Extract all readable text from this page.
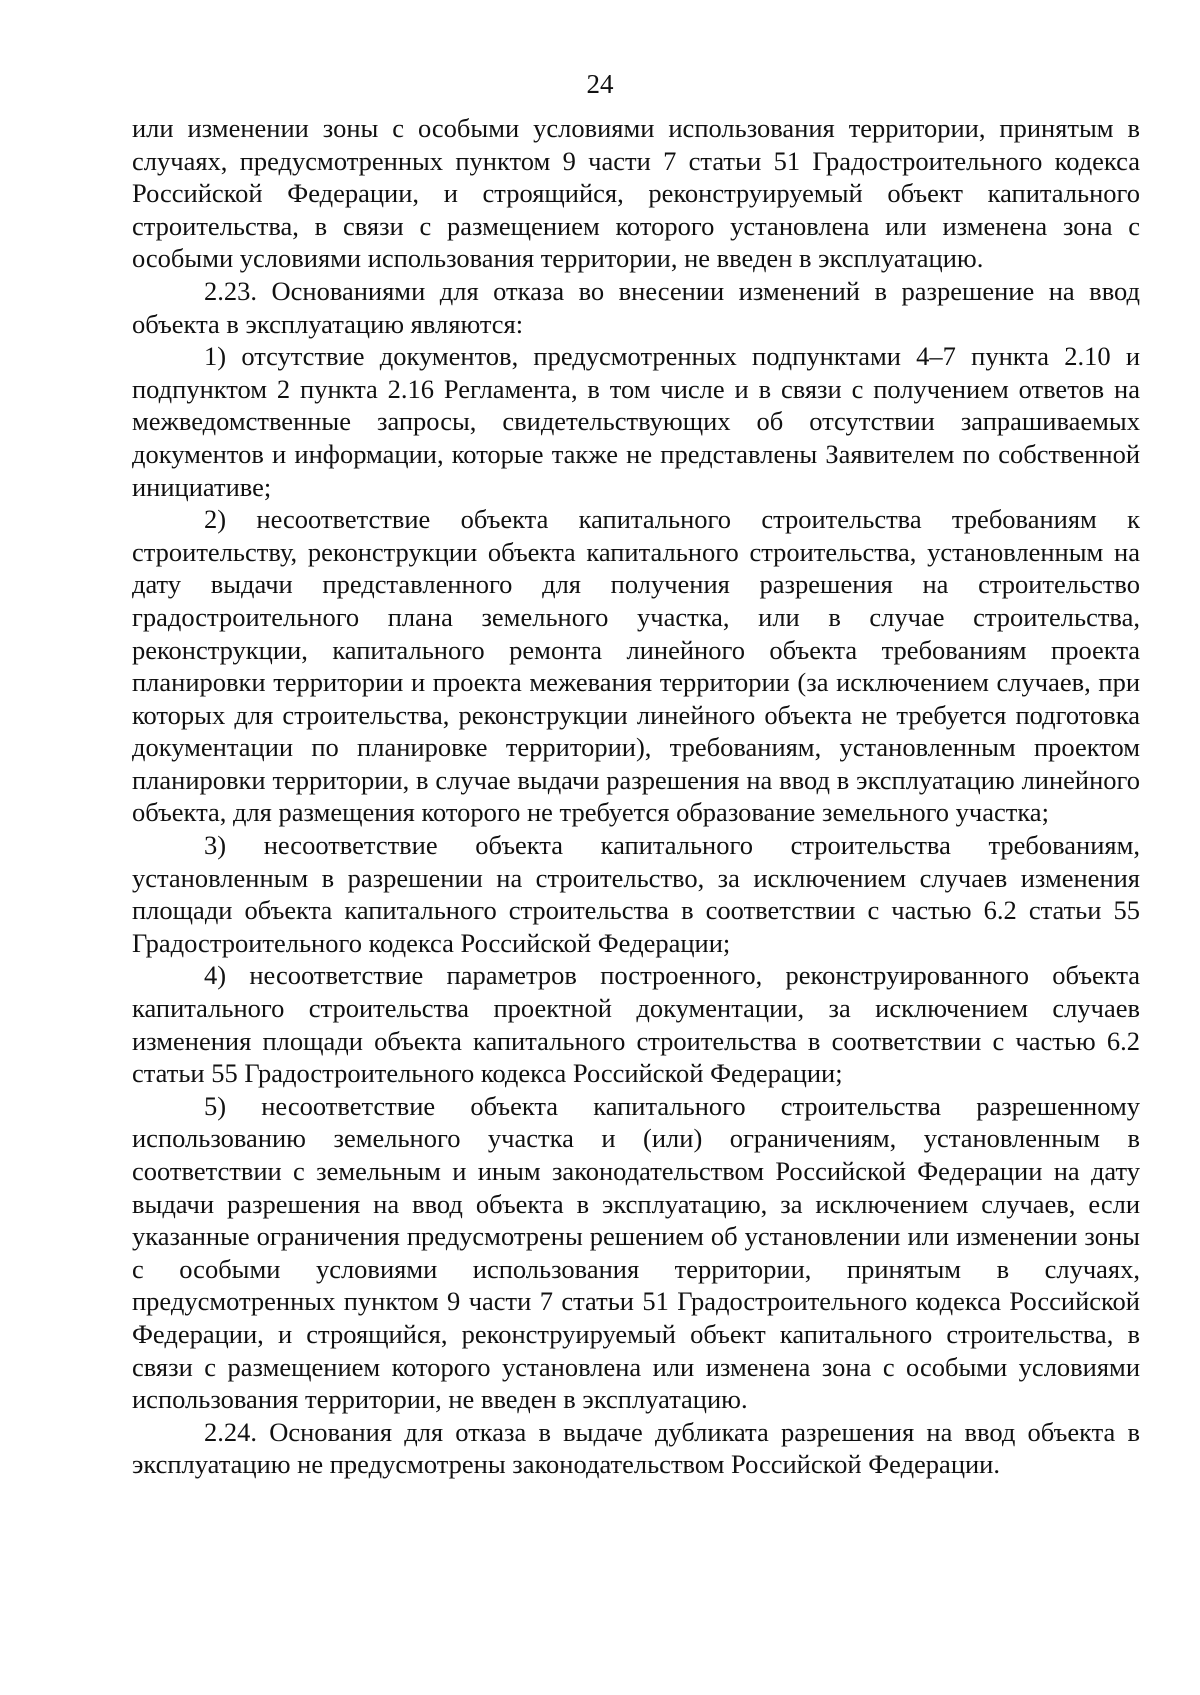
24

или изменении зоны с особыми условиями использования территории, принятым в случаях, предусмотренных пунктом 9 части 7 статьи 51 Градостроительного кодекса Российской Федерации, и строящийся, реконструируемый объект капитального строительства, в связи с размещением которого установлена или изменена зона с особыми условиями использования территории, не введен в эксплуатацию.

2.23. Основаниями для отказа во внесении изменений в разрешение на ввод объекта в эксплуатацию являются:

1) отсутствие документов, предусмотренных подпунктами 4–7 пункта 2.10 и подпунктом 2 пункта 2.16 Регламента, в том числе и в связи с получением ответов на межведомственные запросы, свидетельствующих об отсутствии запрашиваемых документов и информации, которые также не представлены Заявителем по собственной инициативе;

2) несоответствие объекта капитального строительства требованиям к строительству, реконструкции объекта капитального строительства, установленным на дату выдачи представленного для получения разрешения на строительство градостроительного плана земельного участка, или в случае строительства, реконструкции, капитального ремонта линейного объекта требованиям проекта планировки территории и проекта межевания территории (за исключением случаев, при которых для строительства, реконструкции линейного объекта не требуется подготовка документации по планировке территории), требованиям, установленным проектом планировки территории, в случае выдачи разрешения на ввод в эксплуатацию линейного объекта, для размещения которого не требуется образование земельного участка;

3) несоответствие объекта капитального строительства требованиям, установленным в разрешении на строительство, за исключением случаев изменения площади объекта капитального строительства в соответствии с частью 6.2 статьи 55 Градостроительного кодекса Российской Федерации;

4) несоответствие параметров построенного, реконструированного объекта капитального строительства проектной документации, за исключением случаев изменения площади объекта капитального строительства в соответствии с частью 6.2 статьи 55 Градостроительного кодекса Российской Федерации;

5) несоответствие объекта капитального строительства разрешенному использованию земельного участка и (или) ограничениям, установленным в соответствии с земельным и иным законодательством Российской Федерации на дату выдачи разрешения на ввод объекта в эксплуатацию, за исключением случаев, если указанные ограничения предусмотрены решением об установлении или изменении зоны с особыми условиями использования территории, принятым в случаях, предусмотренных пунктом 9 части 7 статьи 51 Градостроительного кодекса Российской Федерации, и строящийся, реконструируемый объект капитального строительства, в связи с размещением которого установлена или изменена зона с особыми условиями использования территории, не введен в эксплуатацию.

2.24. Основания для отказа в выдаче дубликата разрешения на ввод объекта в эксплуатацию не предусмотрены законодательством Российской Федерации.
